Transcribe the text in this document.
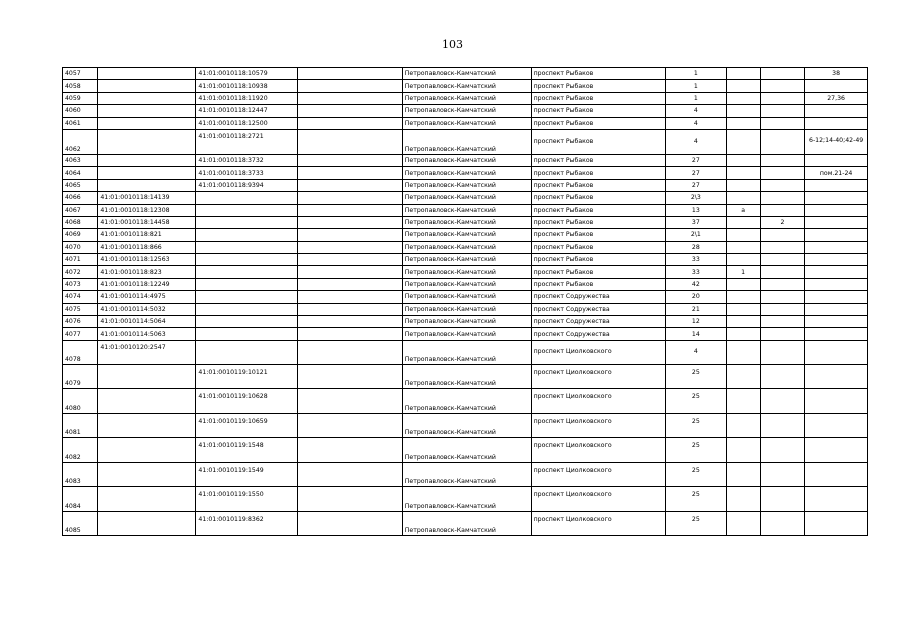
103
4057		41:01:0010118:10579		Петропавловск-Камчатский	проспект Рыбаков	1			38
4058		41:01:0010118:10938		Петропавловск-Камчатский	проспект Рыбаков	1			
4059		41:01:0010118:11920		Петропавловск-Камчатский	проспект Рыбаков	1			27,36
4060		41:01:0010118:12447		Петропавловск-Камчатский	проспект Рыбаков	4			
4061		41:01:0010118:12500		Петропавловск-Камчатский	проспект Рыбаков	4			
4062		41:01:0010118:2721		Петропавловск-Камчатский	проспект Рыбаков	4			6-12;14-40;42-49
4063		41:01:0010118:3732		Петропавловск-Камчатский	проспект Рыбаков	27			
4064		41:01:0010118:3733		Петропавловск-Камчатский	проспект Рыбаков	27			пом.21-24
4065		41:01:0010118:9394		Петропавловск-Камчатский	проспект Рыбаков	27			
4066	41:01:0010118:14139			Петропавловск-Камчатский	проспект Рыбаков	2\3			
4067	41:01:0010118:12308			Петропавловск-Камчатский	проспект Рыбаков	13	а		
4068	41:01:0010118:14458			Петропавловск-Камчатский	проспект Рыбаков	37		2	
4069	41:01:0010118:821			Петропавловск-Камчатский	проспект Рыбаков	2\1			
4070	41:01:0010118:866			Петропавловск-Камчатский	проспект Рыбаков	28			
4071	41:01:0010118:12563			Петропавловск-Камчатский	проспект Рыбаков	33			
4072	41:01:0010118:823			Петропавловск-Камчатский	проспект Рыбаков	33	1		
4073	41:01:0010118:12249			Петропавловск-Камчатский	проспект Рыбаков	42			
4074	41:01:0010114:4975			Петропавловск-Камчатский	проспект Содружества	20			
4075	41:01:0010114:5032			Петропавловск-Камчатский	проспект Содружества	21			
4076	41:01:0010114:5064			Петропавловск-Камчатский	проспект Содружества	12			
4077	41:01:0010114:5063			Петропавловск-Камчатский	проспект Содружества	14			
4078	41:01:0010120:2547			Петропавловск-Камчатский	проспект Циолковского	4			
4079		41:01:0010119:10121		Петропавловск-Камчатский	проспект Циолковского	25			
4080		41:01:0010119:10628		Петропавловск-Камчатский	проспект Циолковского	25			
4081		41:01:0010119:10659		Петропавловск-Камчатский	проспект Циолковского	25			
4082		41:01:0010119:1548		Петропавловск-Камчатский	проспект Циолковского	25			
4083		41:01:0010119:1549		Петропавловск-Камчатский	проспект Циолковского	25			
4084		41:01:0010119:1550		Петропавловск-Камчатский	проспект Циолковского	25			
4085		41:01:0010119:8362		Петропавловск-Камчатский	проспект Циолковского	25			
